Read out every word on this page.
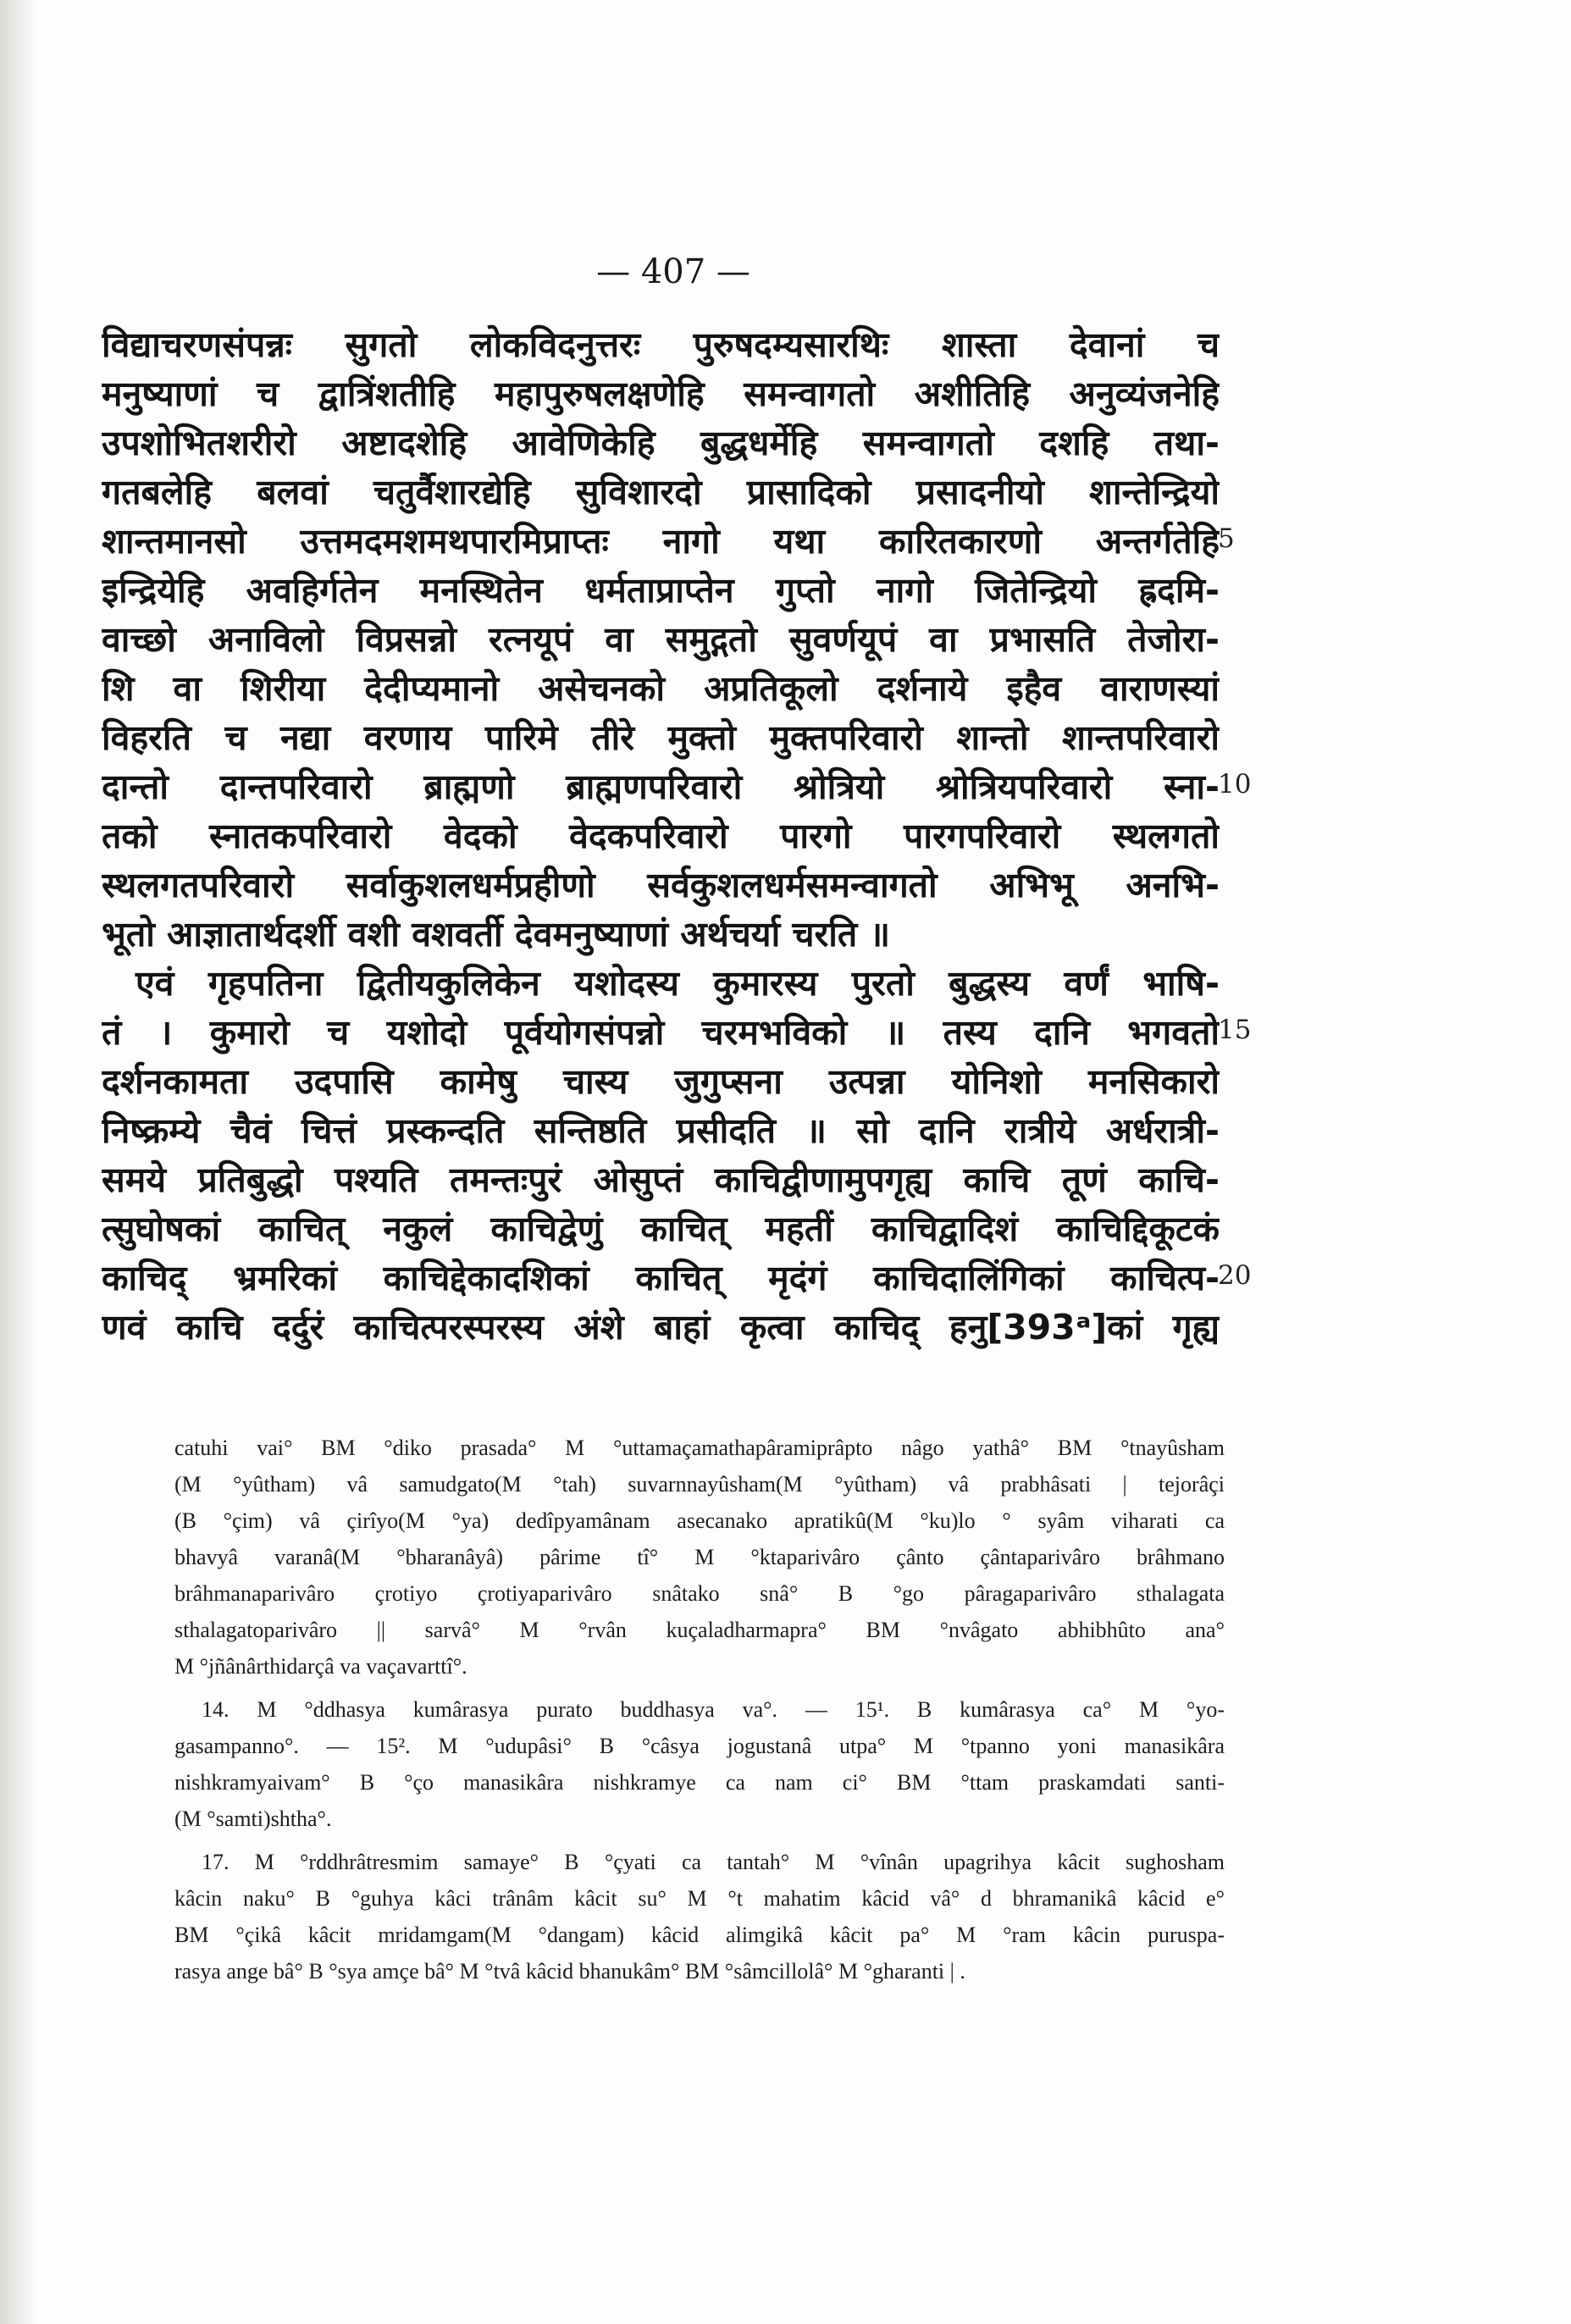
— 407 —
विद्याचरणसंपन्नः सुगतो लोकविदनुत्तरः पुरुषदम्यसारथिः शास्ता देवानां च
मनुष्याणां च द्वात्रिंशतीहि महापुरुषलक्षणेहि समन्वागतो अशीतिहि अनुव्यंजनेहि
उपशोभितशरीरो अष्टादशेहि आवेणिकेहि बुद्धधर्मेहि समन्वागतो दशहि तथा-
गतबलेहि बलवां चतुर्वैशारद्येहि सुविशारदो प्रासादिको प्रसादनीयो शान्तेन्द्रियो
शान्तमानसो उत्तमदमशमथपारमिप्राप्तः नागो यथा कारितकारणो अन्तर्गतेहि
इन्द्रियेहि अवहिर्गतेन मनस्थितेन धर्मताप्राप्तेन गुप्तो नागो जितेन्द्रियो ह्रदमि-
वाच्छो अनाविलो विप्रसन्नो रत्नयूपं वा समुद्गतो सुवर्णयूपं वा प्रभासति तेजोरा-
शि वा शिरीया देदीप्यमानो असेचनको अप्रतिकूलो दर्शनाये इहैव वाराणस्यां
विहरति च नद्या वरणाय पारिमे तीरे मुक्तो मुक्तपरिवारो शान्तो शान्तपरिवारो
दान्तो दान्तपरिवारो ब्राह्मणो ब्राह्मणपरिवारो श्रोत्रियो श्रोत्रियपरिवारो स्ना-
तको स्नातकपरिवारो वेदको वेदकपरिवारो पारगो पारगपरिवारो स्थलगतो
स्थलगतपरिवारो सर्वाकुशलधर्मप्रहीणो सर्वकुशलधर्मसमन्वागतो अभिभू अनभि-
भूतो आज्ञातार्थदर्शी वशी वशवर्ती देवमनुष्याणां अर्थचर्या चरति ॥
एवं गृहपतिना द्वितीयकुलिकेन यशोदस्य कुमारस्य पुरतो बुद्धस्य वर्णं भाषि-
तं । कुमारो च यशोदो पूर्वयोगसंपन्नो चरमभविको ॥ तस्य दानि भगवतो
दर्शनकामता उदपासि कामेषु चास्य जुगुप्सना उत्पन्ना योनिशो मनसिकारो
निष्क्रम्ये चैवं चित्तं प्रस्कन्दति सन्तिष्ठति प्रसीदति ॥ सो दानि रात्रीये अर्धरात्री-
समये प्रतिबुद्धो पश्यति तमन्तःपुरं ओसुप्तं काचिद्वीणामुपगृह्य काचि तूणं काचि-
त्सुघोषकां काचित् नकुलं काचिद्वेणुं काचित् महतीं काचिद्वादिशं काचिद्दिकूटकं
काचिद् भ्रमरिकां काचिद्देकादशिकां काचित् मृदंगं काचिदालिंगिकां काचित्प-
णवं काचि दर्दुरं काचित्परस्परस्य अंशे बाहां कृत्वा काचिद् हनु[393ᵃ]कां गृह्य
5
10
15
20
catuhi vai° BM °diko prasada° M °uttamaçamathapâramiprâpto nâgo yathâ° BM °tnayûsham
(M °yûtham) vâ samudgato(M °tah) suvarnnayûsham(M °yûtham) vâ prabhâsati | tejorâçi
(B °çim) vâ çirîyo(M °ya) dedîpyamânam asecanako apratikû(M °ku)lo ° syâm viharati ca
bhavyâ varanâ(M °bharanâyâ) pârime tî° M °ktaparivâro çânto çântaparivâro brâhmano
brâhmanaparivâro çrotiyo çrotiyaparivâro snâtako snâ° B °go pâragaparivâro sthalagata
sthalagatoparivâro || sarvâ° M °rvân kuçaladharmapra° BM °nvâgato abhibhûto ana°
M °jñânârthidarçâ va vaçavarttî°.
14. M °ddhasya kumârasya purato buddhasya va°. — 15¹. B kumârasya ca° M °yo-
gasampanno°. — 15². M °udupâsi° B °câsya jogustanâ utpa° M °tpanno yoni manasikâra
nishkramyaivam° B °ço manasikâra nishkramye ca nam ci° BM °ttam praskamdati santi-
(M °samti)shtha°.
17. M °rddhrâtresmim samaye° B °çyati ca tantah° M °vînân upagrihya kâcit sughosham
kâcin naku° B °guhya kâci trânâm kâcit su° M °t mahatim kâcid vâ° d bhramanikâ kâcid e°
BM °çikâ kâcit mridamgam(M °dangam) kâcid alimgikâ kâcit pa° M °ram kâcin puruspa-
rasya ange bâ° B °sya amçe bâ° M °tvâ kâcid bhanukâm° BM °sâmcillolâ° M °gharanti | .
